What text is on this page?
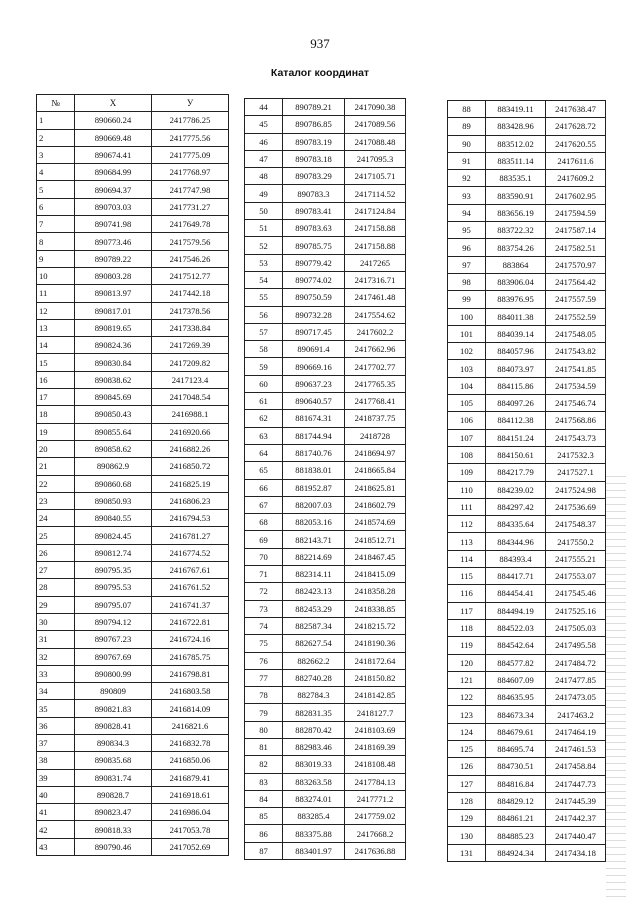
937
Каталог координат
№	X	У
1	890660.24	2417786.25
2	890669.48	2417775.56
3	890674.41	2417775.09
4	890684.99	2417768.97
5	890694.37	2417747.98
6	890703.03	2417731.27
7	890741.98	2417649.78
8	890773.46	2417579.56
9	890789.22	2417546.26
10	890803.28	2417512.77
11	890813.97	2417442.18
12	890817.01	2417378.56
13	890819.65	2417338.84
14	890824.36	2417269.39
15	890830.84	2417209.82
16	890838.62	2417123.4
17	890845.69	2417048.54
18	890850.43	2416988.1
19	890855.64	2416920.66
20	890858.62	2416882.26
21	890862.9	2416850.72
22	890860.68	2416825.19
23	890850.93	2416806.23
24	890840.55	2416794.53
25	890824.45	2416781.27
26	890812.74	2416774.52
27	890795.35	2416767.61
28	890795.53	2416761.52
29	890795.07	2416741.37
30	890794.12	2416722.81
31	890767.23	2416724.16
32	890767.69	2416785.75
33	890800.99	2416798.81
34	890809	2416803.58
35	890821.83	2416814.09
36	890828.41	2416821.6
37	890834.3	2416832.78
38	890835.68	2416850.06
39	890831.74	2416879.41
40	890828.7	2416918.61
41	890823.47	2416986.04
42	890818.33	2417053.78
43	890790.46	2417052.69
44	890789.21	2417090.38
45	890786.85	2417089.56
46	890783.19	2417088.48
47	890783.18	2417095.3
48	890783.29	2417105.71
49	890783.3	2417114.52
50	890783.41	2417124.84
51	890783.63	2417158.88
52	890785.75	2417158.88
53	890779.42	2417265
54	890774.02	2417316.71
55	890750.59	2417461.48
56	890732.28	2417554.62
57	890717.45	2417602.2
58	890691.4	2417662.96
59	890669.16	2417702.77
60	890637.23	2417765.35
61	890640.57	2417768.41
62	881674.31	2418737.75
63	881744.94	2418728
64	881740.76	2418694.97
65	881838.01	2418665.84
66	881952.87	2418625.81
67	882007.03	2418602.79
68	882053.16	2418574.69
69	882143.71	2418512.71
70	882214.69	2418467.45
71	882314.11	2418415.09
72	882423.13	2418358.28
73	882453.29	2418338.85
74	882587.34	2418215.72
75	882627.54	2418190.36
76	882662.2	2418172.64
77	882740.28	2418150.82
78	882784.3	2418142.85
79	882831.35	2418127.7
80	882870.42	2418103.69
81	882983.46	2418169.39
82	883019.33	2418108.48
83	883263.58	2417784.13
84	883274.01	2417771.2
85	883285.4	2417759.02
86	883375.88	2417668.2
87	883401.97	2417636.88
88	883419.11	2417638.47
89	883428.96	2417628.72
90	883512.02	2417620.55
91	883511.14	2417611.6
92	883535.1	2417609.2
93	883590.91	2417602.95
94	883656.19	2417594.59
95	883722.32	2417587.14
96	883754.26	2417582.51
97	883864	2417570.97
98	883906.04	2417564.42
99	883976.95	2417557.59
100	884011.38	2417552.59
101	884039.14	2417548.05
102	884057.96	2417543.82
103	884073.97	2417541.85
104	884115.86	2417534.59
105	884097.26	2417546.74
106	884112.38	2417568.86
107	884151.24	2417543.73
108	884150.61	2417532.3
109	884217.79	2417527.1
110	884239.02	2417524.98
111	884297.42	2417536.69
112	884335.64	2417548.37
113	884344.96	2417550.2
114	884393.4	2417555.21
115	884417.71	2417553.07
116	884454.41	2417545.46
117	884494.19	2417525.16
118	884522.03	2417505.03
119	884542.64	2417495.58
120	884577.82	2417484.72
121	884607.09	2417477.85
122	884635.95	2417473.05
123	884673.34	2417463.2
124	884679.61	2417464.19
125	884695.74	2417461.53
126	884730.51	2417458.84
127	884816.84	2417447.73
128	884829.12	2417445.39
129	884861.21	2417442.37
130	884885.23	2417440.47
131	884924.34	2417434.18
